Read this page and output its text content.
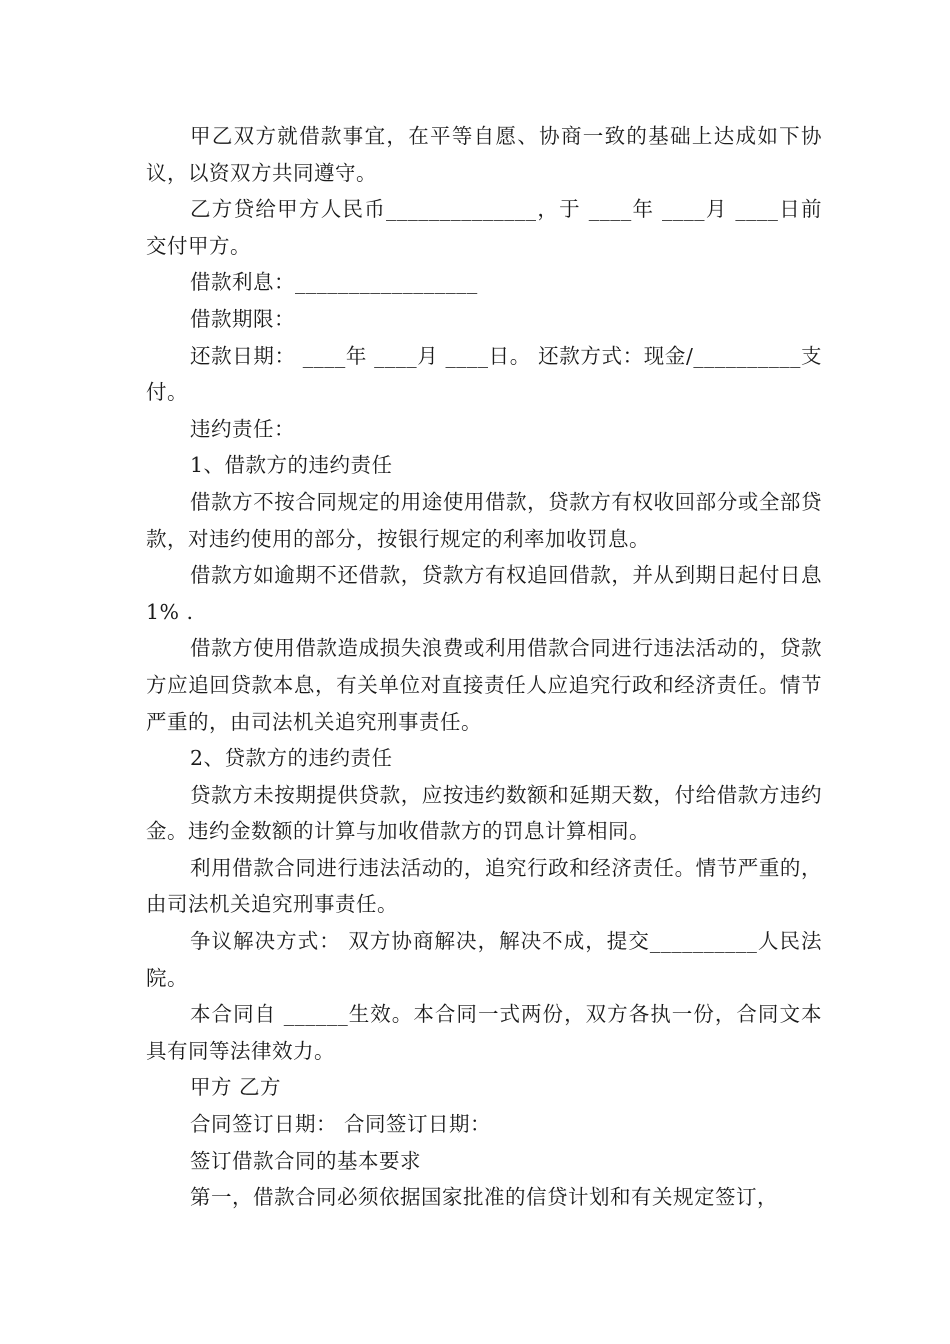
甲乙双方就借款事宜，在平等自愿、协商一致的基础上达成如下协议，以资双方共同遵守。

乙方贷给甲方人民币______________，于 ____年 ____月 ____日前交付甲方。

借款利息：_________________

借款期限：

还款日期： ____年 ____月 ____日。 还款方式：现金/__________支付。

违约责任：

1、借款方的违约责任

借款方不按合同规定的用途使用借款，贷款方有权收回部分或全部贷款，对违约使用的部分，按银行规定的利率加收罚息。

借款方如逾期不还借款，贷款方有权追回借款，并从到期日起付日息 1% .

借款方使用借款造成损失浪费或利用借款合同进行违法活动的，贷款方应追回贷款本息，有关单位对直接责任人应追究行政和经济责任。情节严重的，由司法机关追究刑事责任。

2、贷款方的违约责任

贷款方未按期提供贷款，应按违约数额和延期天数，付给借款方违约金。违约金数额的计算与加收借款方的罚息计算相同。

利用借款合同进行违法活动的，追究行政和经济责任。情节严重的，由司法机关追究刑事责任。

争议解决方式： 双方协商解决，解决不成，提交__________人民法院。

本合同自 ______生效。本合同一式两份，双方各执一份，合同文本具有同等法律效力。

甲方 乙方

合同签订日期： 合同签订日期：

签订借款合同的基本要求

第一，借款合同必须依据国家批准的信贷计划和有关规定签订，
